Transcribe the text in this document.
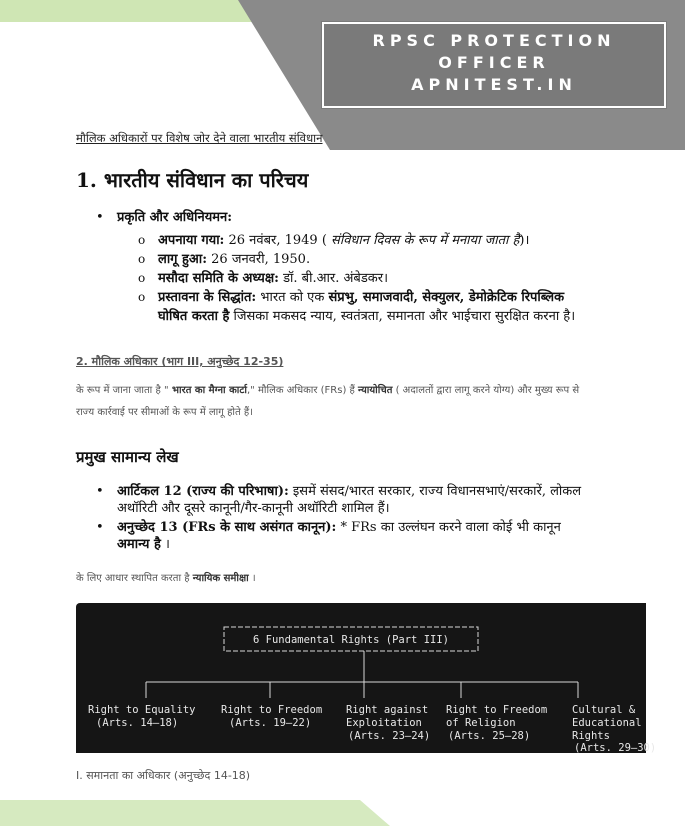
RPSC PROTECTION
OFFICER
APNITEST.IN
मौलिक अधिकारों पर विशेष जोर देने वाला भारतीय संविधान
1. भारतीय संविधान का परिचय
• प्रकृति और अधिनियमन:
o अपनाया गया: 26 नवंबर, 1949 ( संविधान दिवस के रूप में मनाया जाता है)।
o लागू हुआ: 26 जनवरी, 1950.
o मसौदा समिति के अध्यक्ष: डॉ. बी.आर. अंबेडकर।
o प्रस्तावना के सिद्धांत: भारत को एक संप्रभु, समाजवादी, सेक्युलर, डेमोक्रेटिक रिपब्लिक घोषित करता है जिसका मकसद न्याय, स्वतंत्रता, समानता और भाईचारा सुरक्षित करना है।
2. मौलिक अधिकार (भाग III, अनुच्छेद 12-35)
के रूप में जाना जाता है " भारत का मैग्ना कार्टा," मौलिक अधिकार (FRs) हैं न्यायोचित ( अदालतों द्वारा लागू करने योग्य) और मुख्य रूप से राज्य कार्रवाई पर सीमाओं के रूप में लागू होते हैं।
प्रमुख सामान्य लेख
• आर्टिकल 12 (राज्य की परिभाषा): इसमें संसद/भारत सरकार, राज्य विधानसभाएं/सरकारें, लोकल अथॉरिटी और दूसरे कानूनी/गैर-कानूनी अथॉरिटी शामिल हैं।
• अनुच्छेद 13 (FRs के साथ असंगत कानून): * FRs का उल्लंघन करने वाला कोई भी कानून अमान्य है ।
के लिए आधार स्थापित करता है न्यायिक समीक्षा ।
6 Fundamental Rights (Part III)
Right to Equality
(Arts. 14–18)
Right to Freedom
(Arts. 19–22)
Right against
Exploitation
(Arts. 23–24)
Right to Freedom
of Religion
(Arts. 25–28)
Cultural &
Educational
Rights
(Arts. 29–30)
I. समानता का अधिकार (अनुच्छेद 14-18)
